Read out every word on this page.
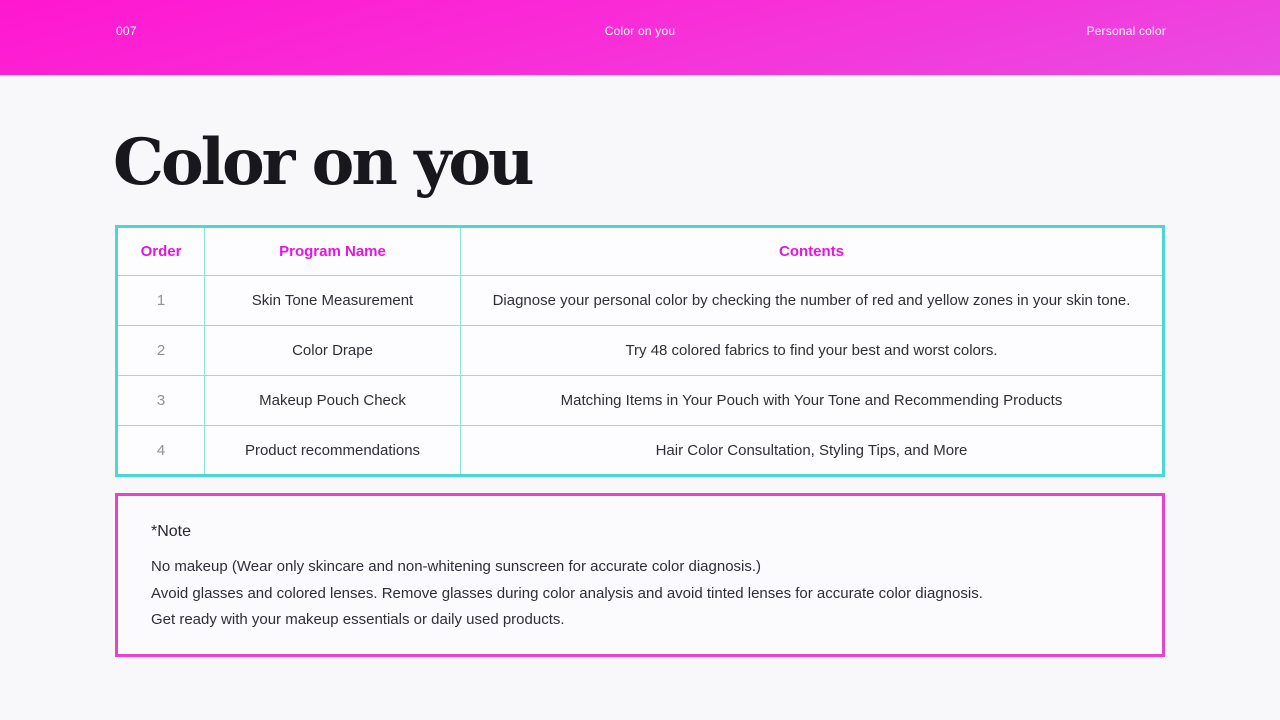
007	Color on you	Personal color
Color on you
Order	Program Name	Contents
1	Skin Tone Measurement	Diagnose your personal color by checking the number of red and yellow zones in your skin tone.
2	Color Drape	Try 48 colored fabrics to find your best and worst colors.
3	Makeup Pouch Check	Matching Items in Your Pouch with Your Tone and Recommending Products
4	Product recommendations	Hair Color Consultation, Styling Tips, and More
*Note
No makeup (Wear only skincare and non-whitening sunscreen for accurate color diagnosis.)
Avoid glasses and colored lenses. Remove glasses during color analysis and avoid tinted lenses for accurate color diagnosis.
Get ready with your makeup essentials or daily used products.
